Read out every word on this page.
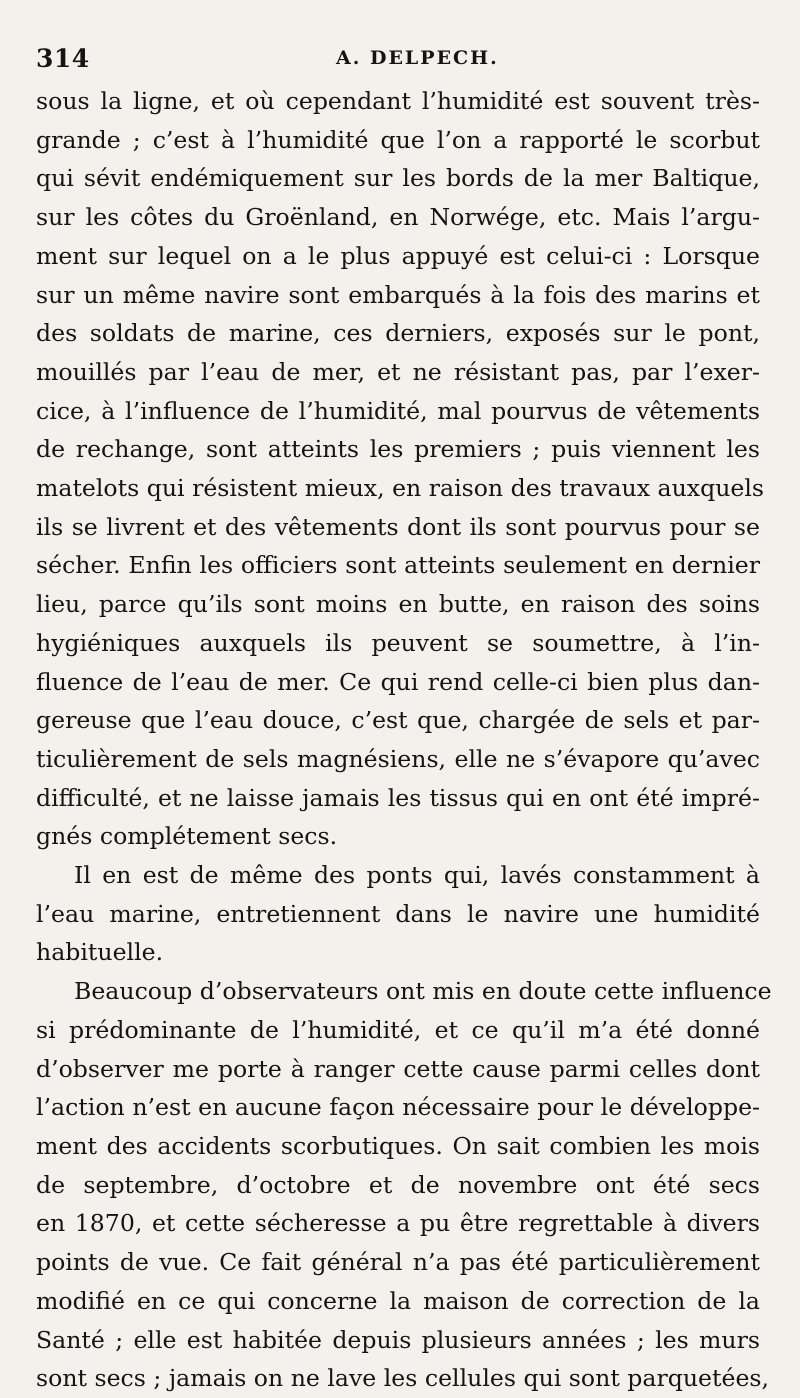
314	A. DELPECH.
sous la ligne, et où cependant l’humidité est souvent très-
grande ; c’est à l’humidité que l’on a rapporté le scorbut
qui sévit endémiquement sur les bords de la mer Baltique,
sur les côtes du Groënland, en Norwége, etc. Mais l’argu-
ment sur lequel on a le plus appuyé est celui-ci : Lorsque
sur un même navire sont embarqués à la fois des marins et
des soldats de marine, ces derniers, exposés sur le pont,
mouillés par l’eau de mer, et ne résistant pas, par l’exer-
cice, à l’influence de l’humidité, mal pourvus de vêtements
de rechange, sont atteints les premiers ; puis viennent les
matelots qui résistent mieux, en raison des travaux auxquels
ils se livrent et des vêtements dont ils sont pourvus pour se
sécher. Enfin les officiers sont atteints seulement en dernier
lieu, parce qu’ils sont moins en butte, en raison des soins
hygiéniques auxquels ils peuvent se soumettre, à l’in-
fluence de l’eau de mer. Ce qui rend celle-ci bien plus dan-
gereuse que l’eau douce, c’est que, chargée de sels et par-
ticulièrement de sels magnésiens, elle ne s’évapore qu’avec
difficulté, et ne laisse jamais les tissus qui en ont été impré-
gnés complétement secs.
Il en est de même des ponts qui, lavés constamment à
l’eau marine, entretiennent dans le navire une humidité
habituelle.
Beaucoup d’observateurs ont mis en doute cette influence
si prédominante de l’humidité, et ce qu’il m’a été donné
d’observer me porte à ranger cette cause parmi celles dont
l’action n’est en aucune façon nécessaire pour le développe-
ment des accidents scorbutiques. On sait combien les mois
de septembre, d’octobre et de novembre ont été secs
en 1870, et cette sécheresse a pu être regrettable à divers
points de vue. Ce fait général n’a pas été particulièrement
modifié en ce qui concerne la maison de correction de la
Santé ; elle est habitée depuis plusieurs années ; les murs
sont secs ; jamais on ne lave les cellules qui sont parquetées,
